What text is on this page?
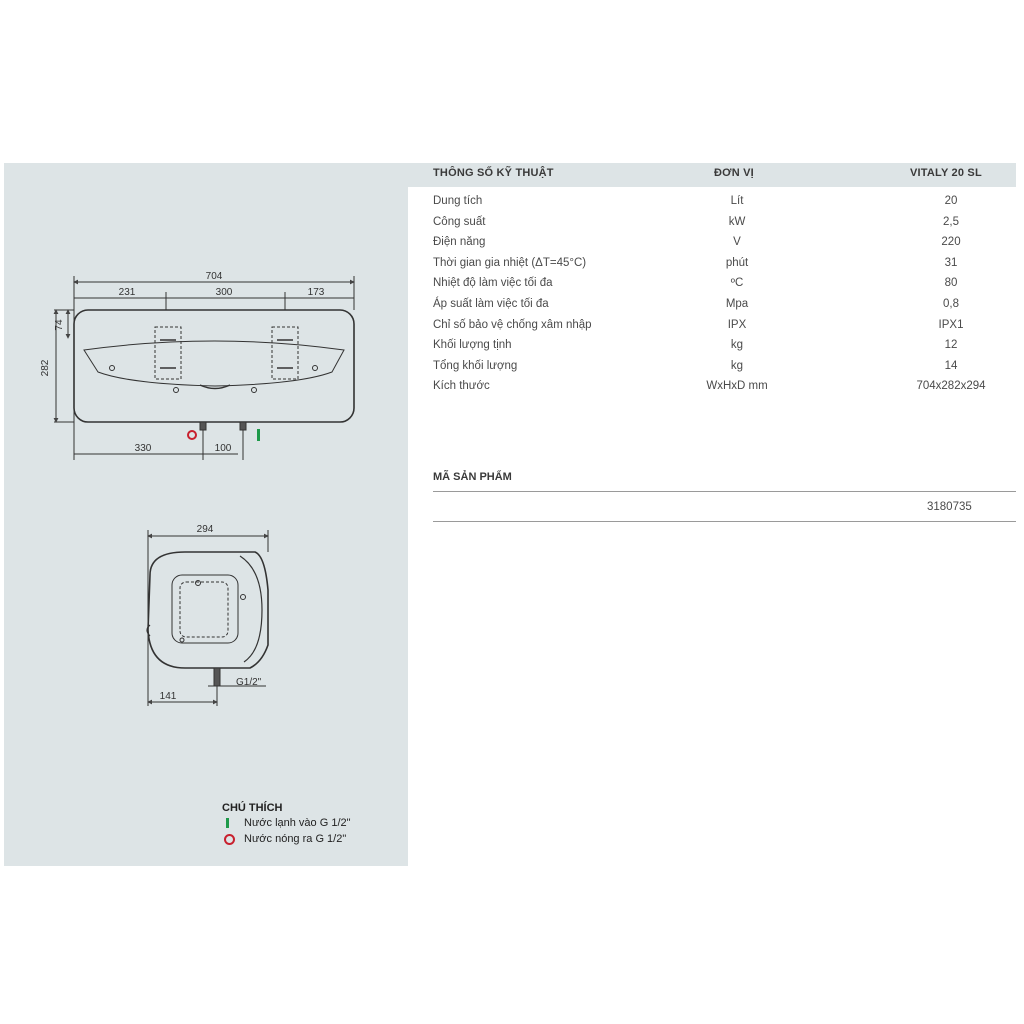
THÔNG SỐ KỸ THUẬT	ĐƠN VỊ	VITALY 20 SL
Dung tích	Lít	20
Công suất	kW	2,5
Điện năng	V	220
Thời gian gia nhiệt (ΔT=45°C)	phút	31
Nhiệt độ làm việc tối đa	ºC	80
Áp suất làm việc tối đa	Mpa	0,8
Chỉ số bảo vệ chống xâm nhập	IPX	IPX1
Khối lượng tịnh	kg	12
Tổng khối lượng	kg	14
Kích thước	WxHxD mm	704x282x294
MÃ SẢN PHẨM
3180735
704
231	300	173
282
74
330	100
294
141
G1/2"
CHÚ THÍCH
Nước lạnh vào G 1/2"
Nước nóng ra G 1/2"
